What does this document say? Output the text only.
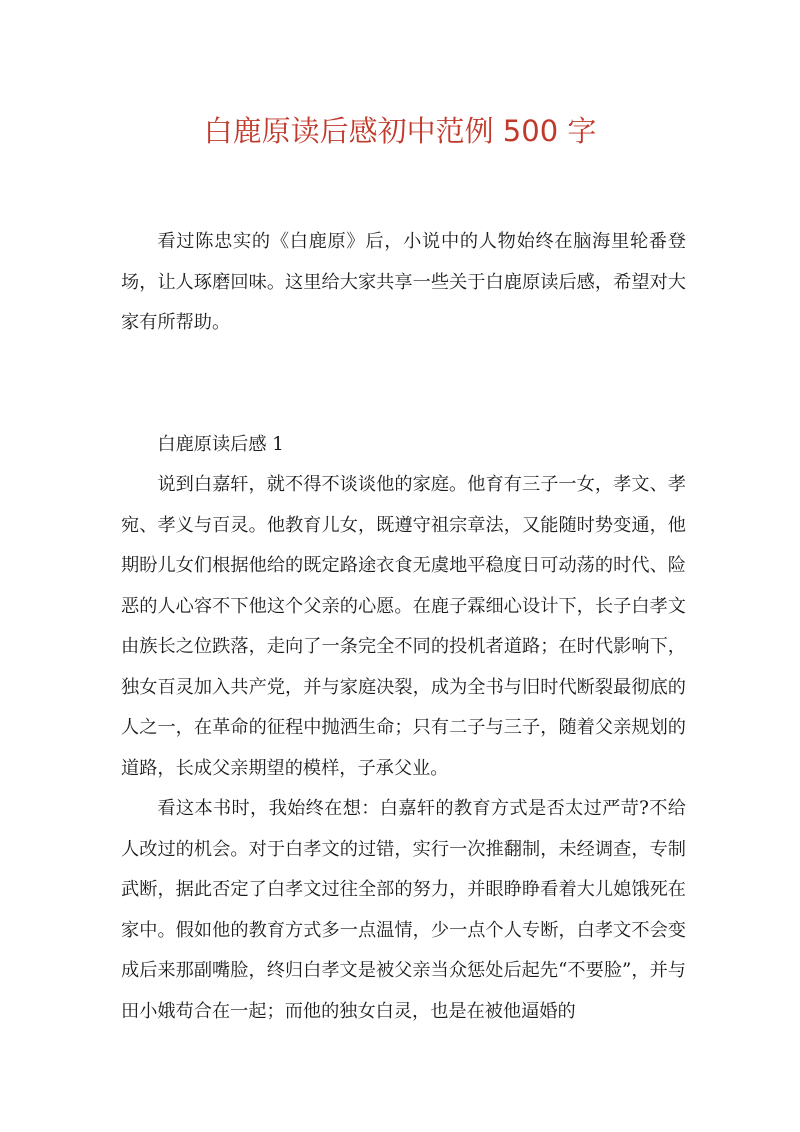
白鹿原读后感初中范例 500 字

看过陈忠实的《白鹿原》后，小说中的人物始终在脑海里轮番登场，让人琢磨回味。这里给大家共享一些关于白鹿原读后感，希望对大家有所帮助。

白鹿原读后感 1

说到白嘉轩，就不得不谈谈他的家庭。他育有三子一女，孝文、孝宛、孝义与百灵。他教育儿女，既遵守祖宗章法，又能随时势变通，他期盼儿女们根据他给的既定路途衣食无虞地平稳度日可动荡的时代、险恶的人心容不下他这个父亲的心愿。在鹿子霖细心设计下，长子白孝文由族长之位跌落，走向了一条完全不同的投机者道路；在时代影响下，独女百灵加入共产党，并与家庭决裂，成为全书与旧时代断裂最彻底的人之一，在革命的征程中抛洒生命；只有二子与三子，随着父亲规划的道路，长成父亲期望的模样，子承父业。

看这本书时，我始终在想：白嘉轩的教育方式是否太过严苛?不给人改过的机会。对于白孝文的过错，实行一次推翻制，未经调查，专制武断，据此否定了白孝文过往全部的努力，并眼睁睁看着大儿媳饿死在家中。假如他的教育方式多一点温情，少一点个人专断，白孝文不会变成后来那副嘴脸，终归白孝文是被父亲当众惩处后起先“不要脸”，并与田小娥苟合在一起；而他的独女白灵，也是在被他逼婚的
